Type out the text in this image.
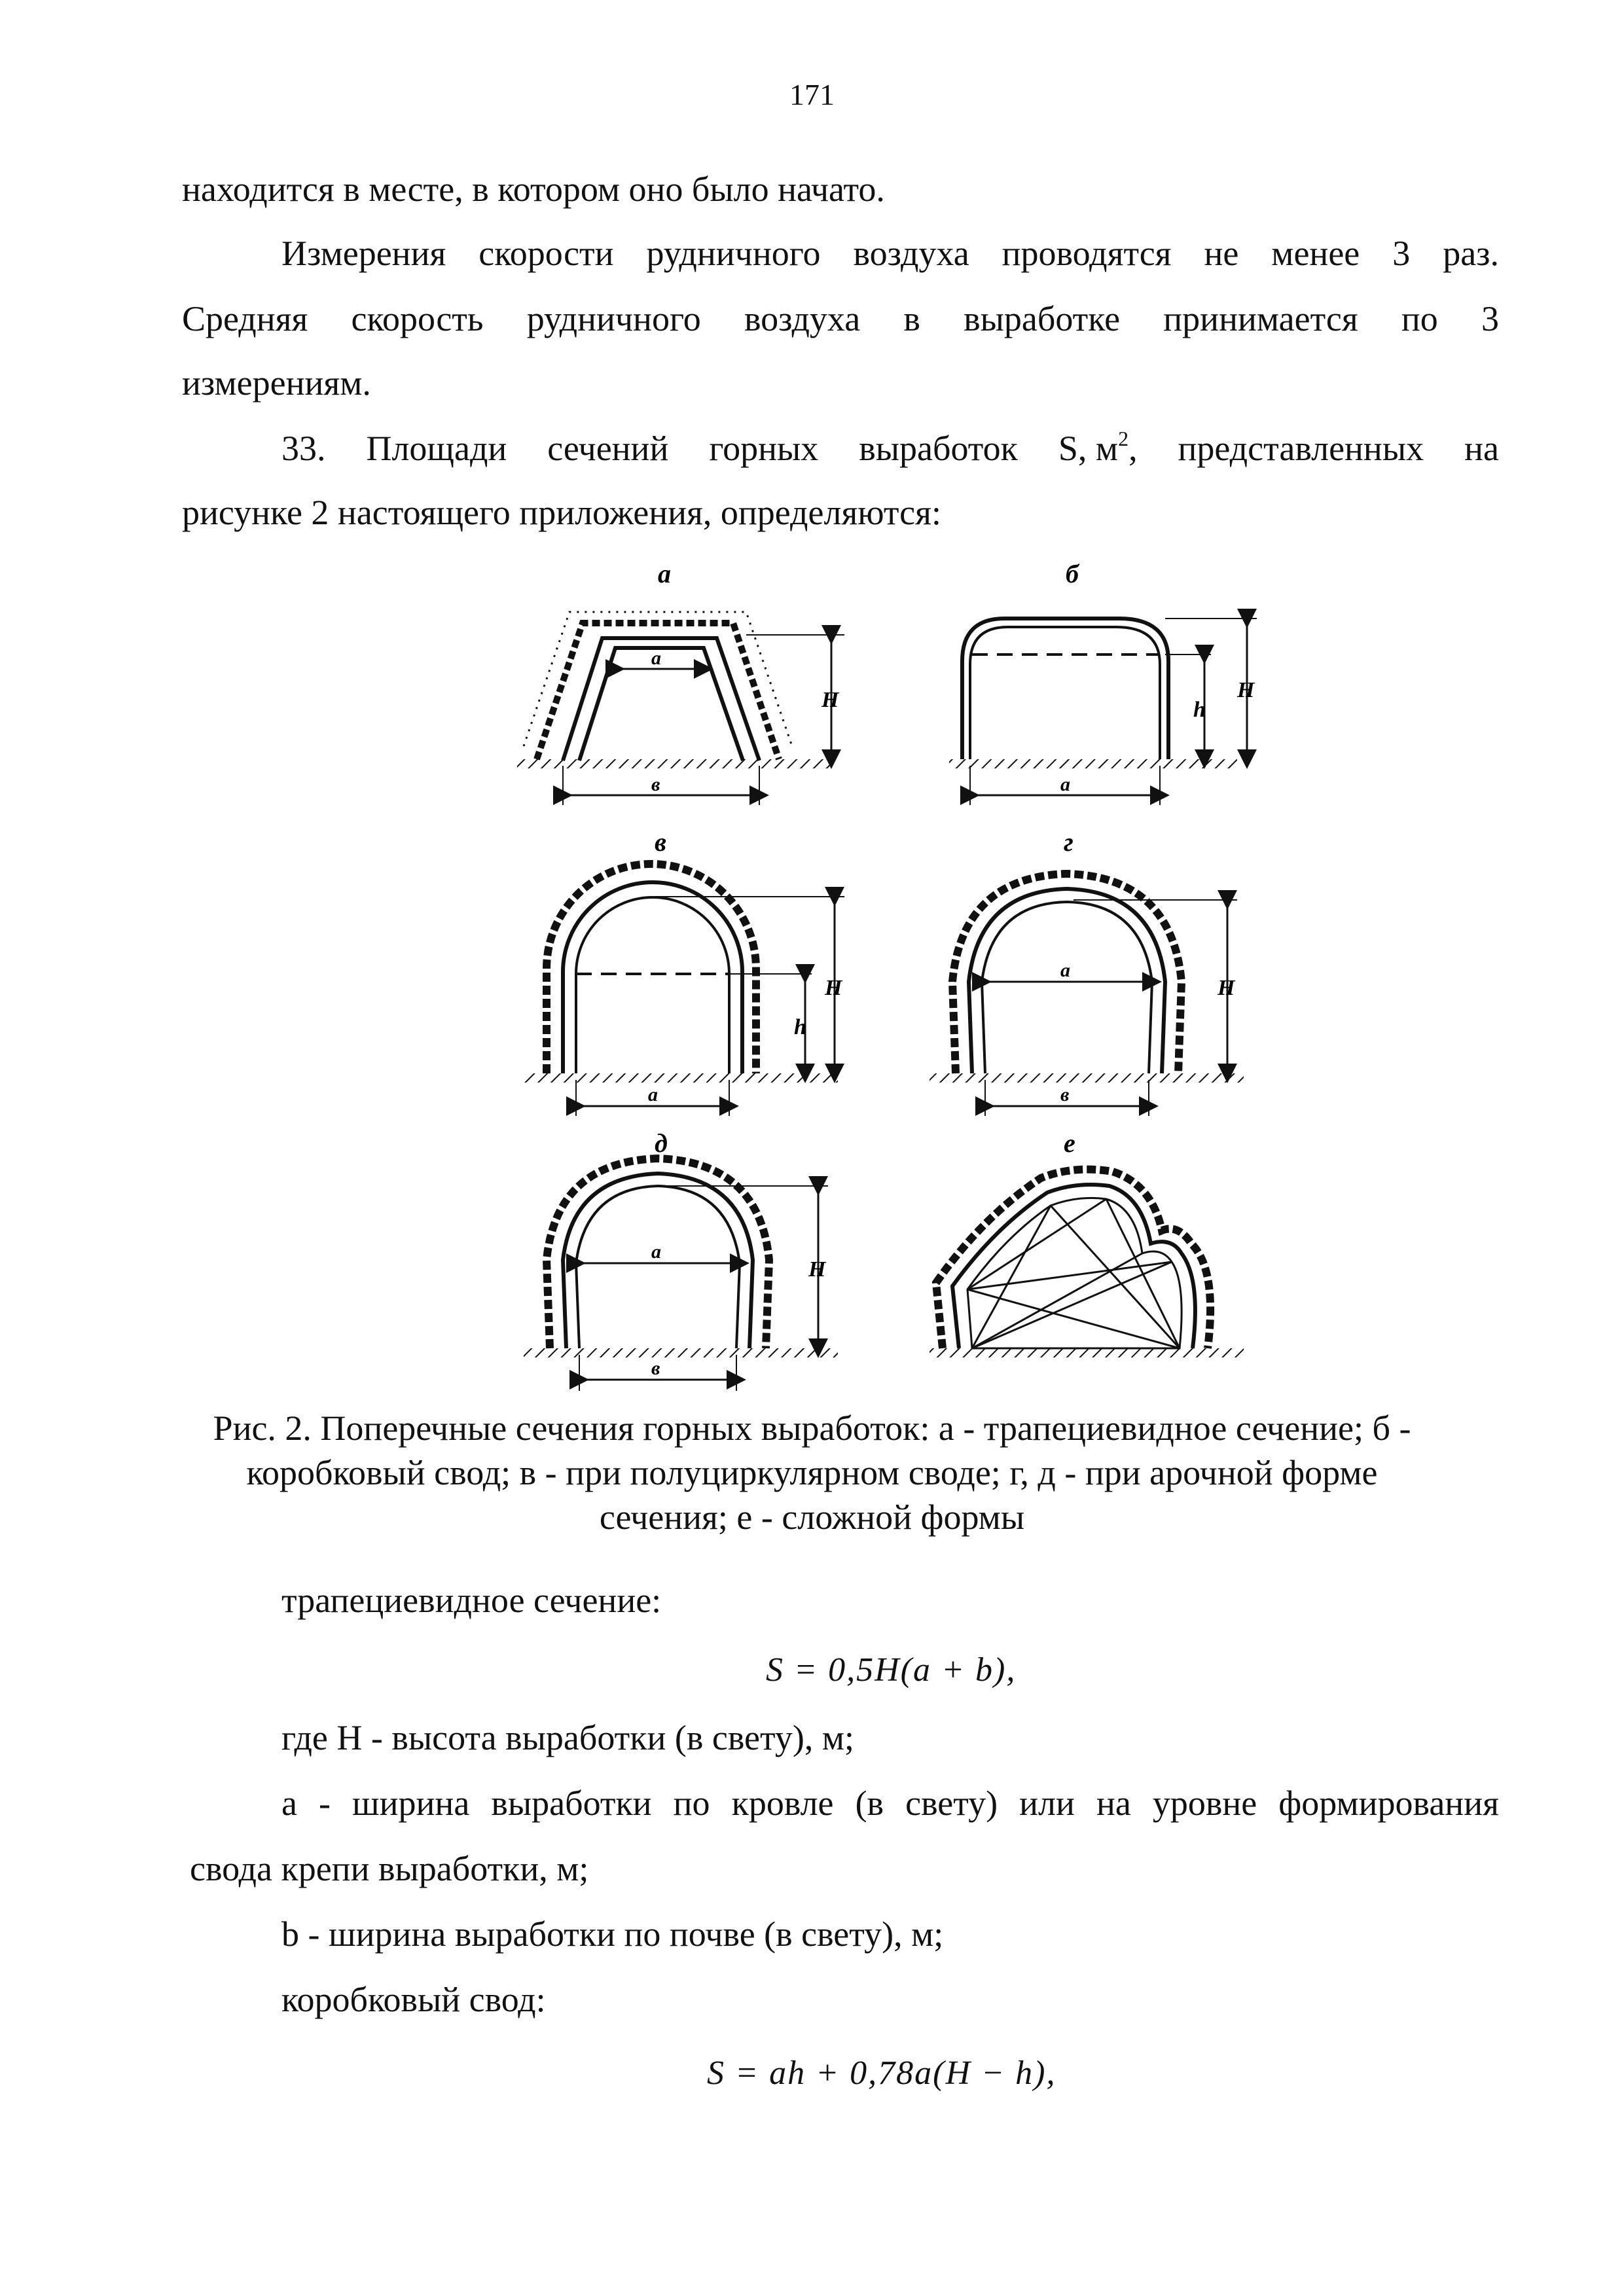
171
находится в месте, в котором оно было начато.
Измерения скорости рудничного воздуха проводятся не менее 3 раз.
Средняя скорость рудничного воздуха в выработке принимается по 3
измерениям.
33. Площади сечений горных выработок S, $м^2$, представленных на
рисунке 2 настоящего приложения, определяются:
а	б
в	г
д	е
а
в
H
а
h
H
а
h
H
а
в
H
а
в
H
Рис. 2. Поперечные сечения горных выработок: а - трапециевидное сечение; б -
коробковый свод; в - при полуциркулярном своде; г, д - при арочной форме
сечения; е - сложной формы
трапециевидное сечение:
S = 0,5H(a + b),
где Н - высота выработки (в свету), м;
а - ширина выработки по кровле (в свету) или на уровне формирования
свода крепи выработки, м;
b - ширина выработки по почве (в свету), м;
коробковый свод:
S = ah + 0,78a(H − h),
